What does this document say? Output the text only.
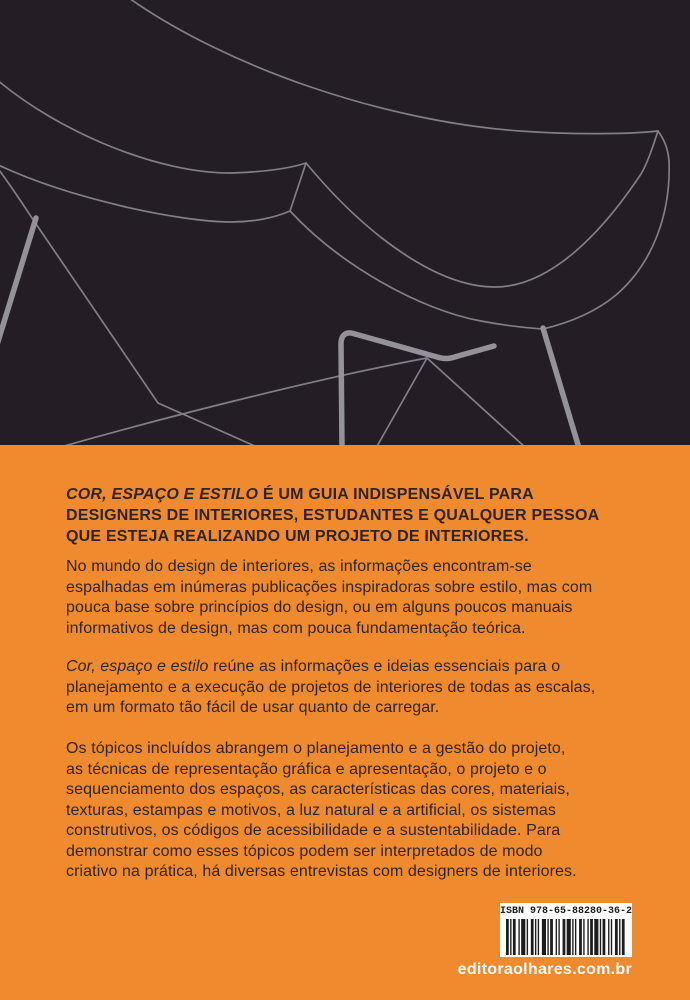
COR, ESPAÇO E ESTILO É UM GUIA INDISPENSÁVEL PARA
DESIGNERS DE INTERIORES, ESTUDANTES E QUALQUER PESSOA
QUE ESTEJA REALIZANDO UM PROJETO DE INTERIORES.
No mundo do design de interiores, as informações encontram-se
espalhadas em inúmeras publicações inspiradoras sobre estilo, mas com
pouca base sobre princípios do design, ou em alguns poucos manuais
informativos de design, mas com pouca fundamentação teórica.
Cor, espaço e estilo reúne as informações e ideias essenciais para o
planejamento e a execução de projetos de interiores de todas as escalas,
em um formato tão fácil de usar quanto de carregar.
Os tópicos incluídos abrangem o planejamento e a gestão do projeto,
as técnicas de representação gráfica e apresentação, o projeto e o
sequenciamento dos espaços, as características das cores, materiais,
texturas, estampas e motivos, a luz natural e a artificial, os sistemas
construtivos, os códigos de acessibilidade e a sustentabilidade. Para
demonstrar como esses tópicos podem ser interpretados de modo
criativo na prática, há diversas entrevistas com designers de interiores.
ISBN 978-65-88280-36-2
editoraolhares.com.br
